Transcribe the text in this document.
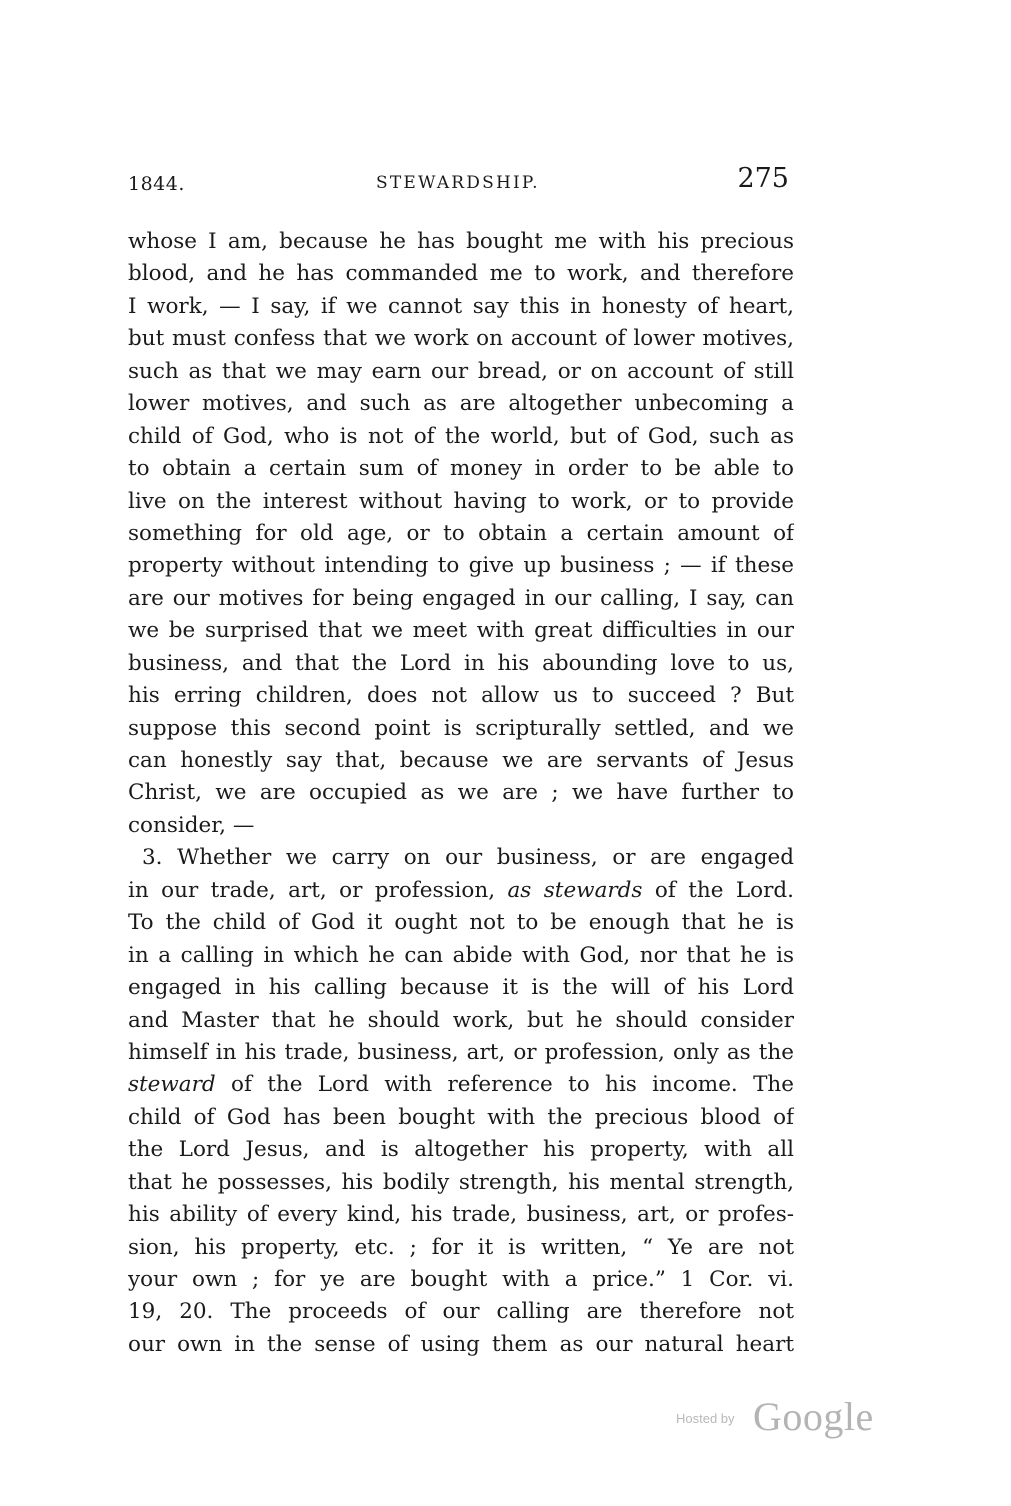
1844.	STEWARDSHIP.	275
whose I am, because he has bought me with his precious
blood, and he has commanded me to work, and therefore
I work, — I say, if we cannot say this in honesty of heart,
but must confess that we work on account of lower motives,
such as that we may earn our bread, or on account of still
lower motives, and such as are altogether unbecoming a
child of God, who is not of the world, but of God, such as
to obtain a certain sum of money in order to be able to
live on the interest without having to work, or to provide
something for old age, or to obtain a certain amount of
property without intending to give up business ; — if these
are our motives for being engaged in our calling, I say, can
we be surprised that we meet with great difficulties in our
business, and that the Lord in his abounding love to us,
his erring children, does not allow us to succeed ? But
suppose this second point is scripturally settled, and we
can honestly say that, because we are servants of Jesus
Christ, we are occupied as we are ; we have further to
consider, —
3. Whether we carry on our business, or are engaged
in our trade, art, or profession, as stewards of the Lord.
To the child of God it ought not to be enough that he is
in a calling in which he can abide with God, nor that he is
engaged in his calling because it is the will of his Lord
and Master that he should work, but he should consider
himself in his trade, business, art, or profession, only as the
steward of the Lord with reference to his income. The
child of God has been bought with the precious blood of
the Lord Jesus, and is altogether his property, with all
that he possesses, his bodily strength, his mental strength,
his ability of every kind, his trade, business, art, or profes-
sion, his property, etc. ; for it is written, “ Ye are not
your own ; for ye are bought with a price.” 1 Cor. vi.
19, 20. The proceeds of our calling are therefore not
our own in the sense of using them as our natural heart
Hosted by Google
